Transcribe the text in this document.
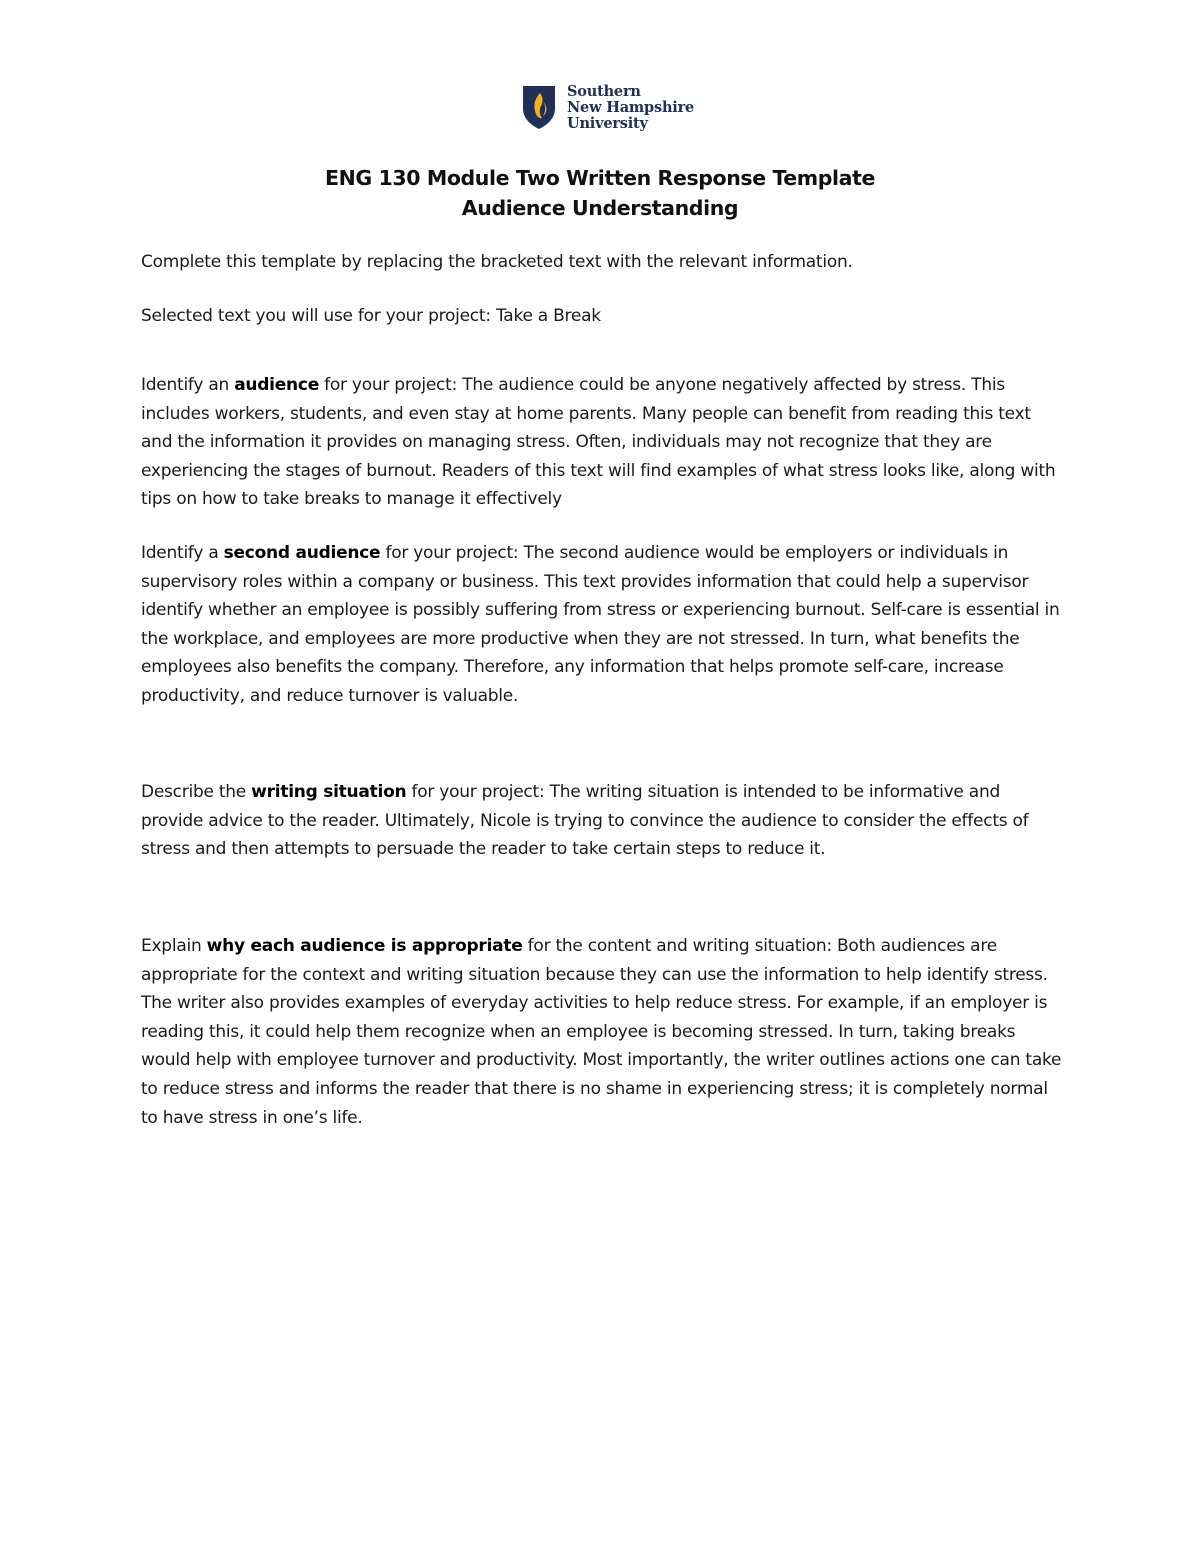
Southern
New Hampshire
University
ENG 130 Module Two Written Response Template
Audience Understanding

Complete this template by replacing the bracketed text with the relevant information.

Selected text you will use for your project: Take a Break

Identify an audience for your project: The audience could be anyone negatively affected by stress. This includes workers, students, and even stay at home parents. Many people can benefit from reading this text and the information it provides on managing stress. Often, individuals may not recognize that they are experiencing the stages of burnout. Readers of this text will find examples of what stress looks like, along with tips on how to take breaks to manage it effectively

Identify a second audience for your project: The second audience would be employers or individuals in supervisory roles within a company or business. This text provides information that could help a supervisor identify whether an employee is possibly suffering from stress or experiencing burnout. Self-care is essential in the workplace, and employees are more productive when they are not stressed. In turn, what benefits the employees also benefits the company. Therefore, any information that helps promote self-care, increase productivity, and reduce turnover is valuable.

Describe the writing situation for your project: The writing situation is intended to be informative and provide advice to the reader. Ultimately, Nicole is trying to convince the audience to consider the effects of stress and then attempts to persuade the reader to take certain steps to reduce it.

Explain why each audience is appropriate for the content and writing situation: Both audiences are appropriate for the context and writing situation because they can use the information to help identify stress. The writer also provides examples of everyday activities to help reduce stress. For example, if an employer is reading this, it could help them recognize when an employee is becoming stressed. In turn, taking breaks would help with employee turnover and productivity. Most importantly, the writer outlines actions one can take to reduce stress and informs the reader that there is no shame in experiencing stress; it is completely normal to have stress in one’s life.
